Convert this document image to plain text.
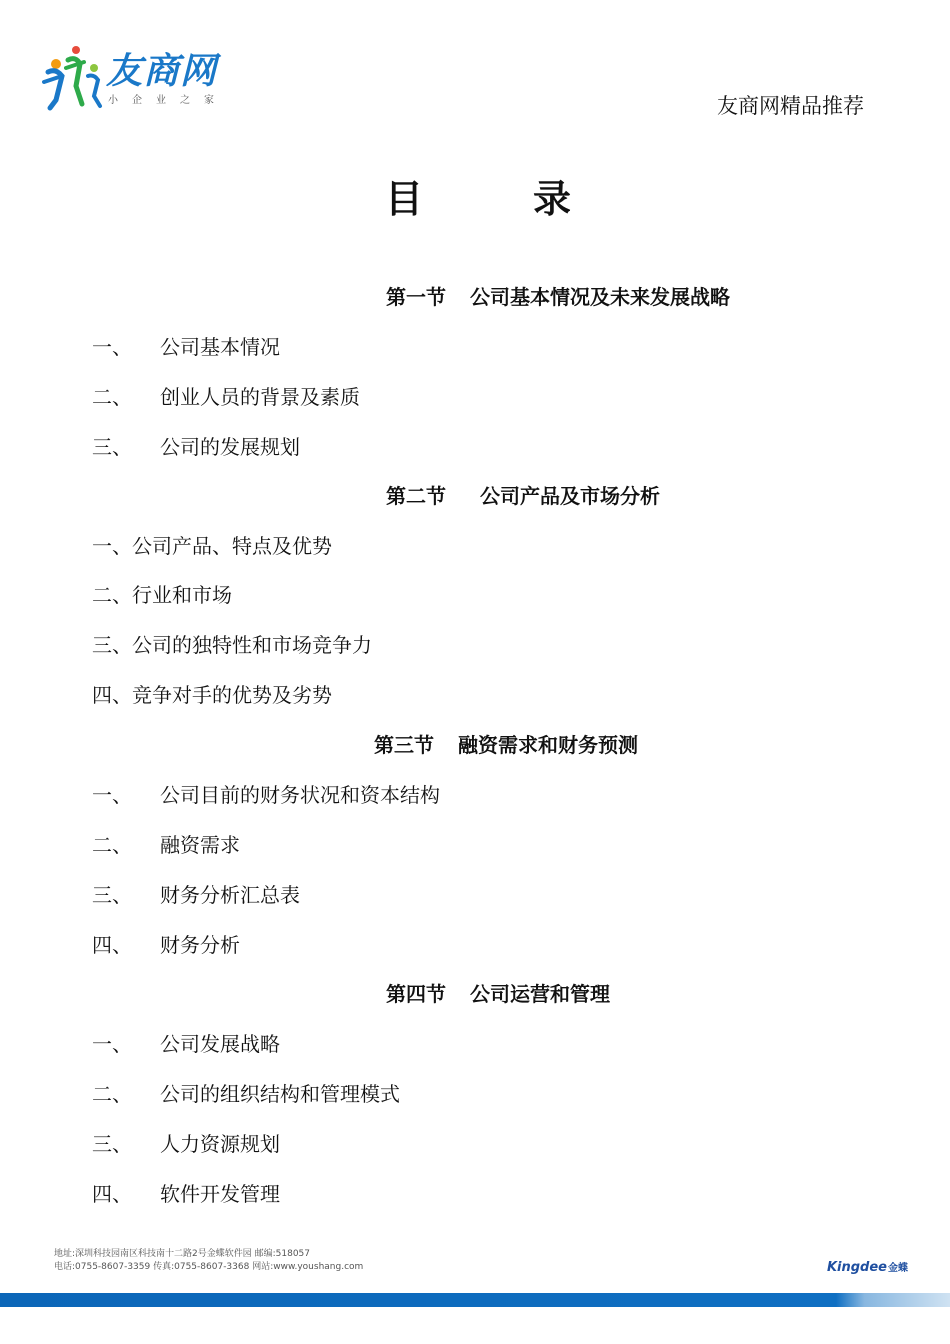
友商网
小企业之家	友商网精品推荐
目录
第一节 公司基本情况及未来发展战略
一、 公司基本情况
二、 创业人员的背景及素质
三、 公司的发展规划
第二节 公司产品及市场分析
一、公司产品、特点及优势
二、行业和市场
三、公司的独特性和市场竞争力
四、竞争对手的优势及劣势
第三节 融资需求和财务预测
一、 公司目前的财务状况和资本结构
二、 融资需求
三、 财务分析汇总表
四、 财务分析
第四节 公司运营和管理
一、 公司发展战略
二、 公司的组织结构和管理模式
三、 人力资源规划
四、 软件开发管理
地址:深圳科技园南区科技南十二路2号金蝶软件园 邮编:518057
电话:0755-8607-3359 传真:0755-8607-3368 网站:www.youshang.com	Kingdee金蝶
